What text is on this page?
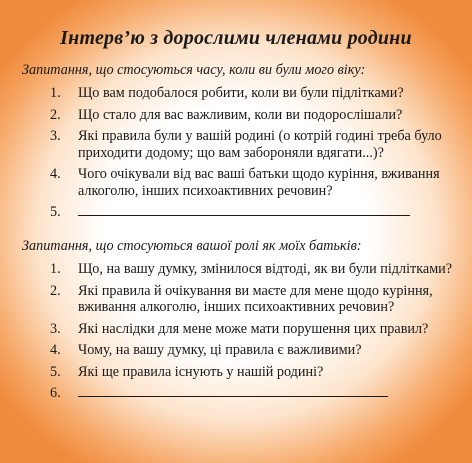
Інтерв’ю з дорослими членами родини
Запитання, що стосуються часу, коли ви були мого віку:
1. Що вам подобалося робити, коли ви були підлітками?
2. Що стало для вас важливим, коли ви подорослішали?
3. Які правила були у вашій родині (о котрій годині треба було приходити додому; що вам забороняли вдягати...)?
4. Чого очікували від вас ваші батьки щодо куріння, вживання алкоголю, інших психоактивних речовин?
5.
Запитання, що стосуються вашої ролі як моїх батьків:
1. Що, на вашу думку, змінилося відтоді, як ви були підлітками?
2. Які правила й очікування ви маєте для мене щодо куріння, вживання алкоголю, інших психоактивних речовин?
3. Які наслідки для мене може мати порушення цих правил?
4. Чому, на вашу думку, ці правила є важливими?
5. Які ще правила існують у нашій родині?
6.
